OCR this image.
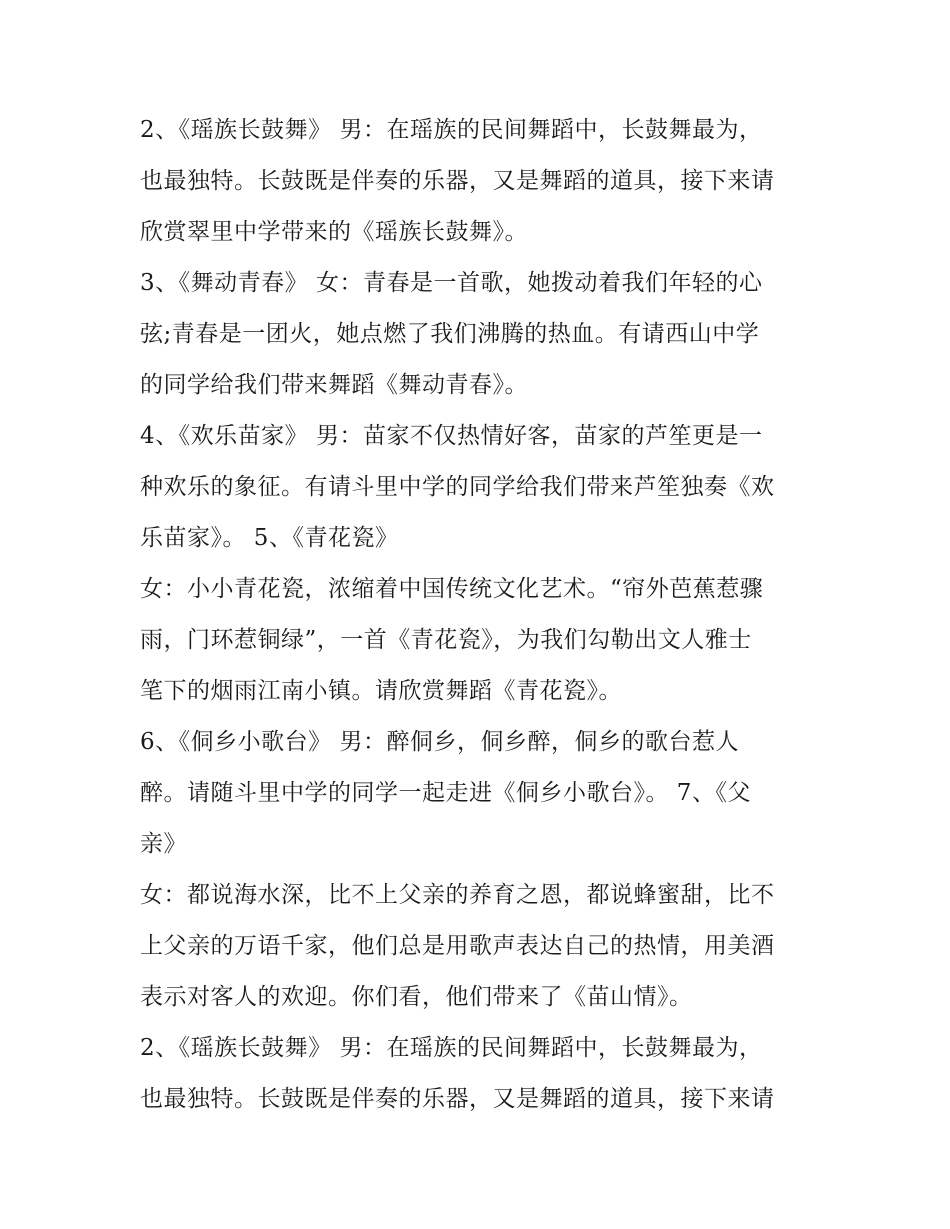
2、《瑶族长鼓舞》 男：在瑶族的民间舞蹈中，长鼓舞最为，
也最独特。长鼓既是伴奏的乐器，又是舞蹈的道具，接下来请
欣赏翠里中学带来的《瑶族长鼓舞》。
3、《舞动青春》 女：青春是一首歌，她拨动着我们年轻的心
弦;青春是一团火，她点燃了我们沸腾的热血。有请西山中学
的同学给我们带来舞蹈《舞动青春》。
4、《欢乐苗家》 男：苗家不仅热情好客，苗家的芦笙更是一
种欢乐的象征。有请斗里中学的同学给我们带来芦笙独奏《欢
乐苗家》。 5、《青花瓷》
女：小小青花瓷，浓缩着中国传统文化艺术。“帘外芭蕉惹骤
雨，门环惹铜绿”，一首《青花瓷》，为我们勾勒出文人雅士
笔下的烟雨江南小镇。请欣赏舞蹈《青花瓷》。
6、《侗乡小歌台》 男：醉侗乡，侗乡醉，侗乡的歌台惹人
醉。请随斗里中学的同学一起走进《侗乡小歌台》。 7、《父
亲》
女：都说海水深，比不上父亲的养育之恩，都说蜂蜜甜，比不
上父亲的万语千家，他们总是用歌声表达自己的热情，用美酒
表示对客人的欢迎。你们看，他们带来了《苗山情》。
2、《瑶族长鼓舞》 男：在瑶族的民间舞蹈中，长鼓舞最为，
也最独特。长鼓既是伴奏的乐器，又是舞蹈的道具，接下来请
